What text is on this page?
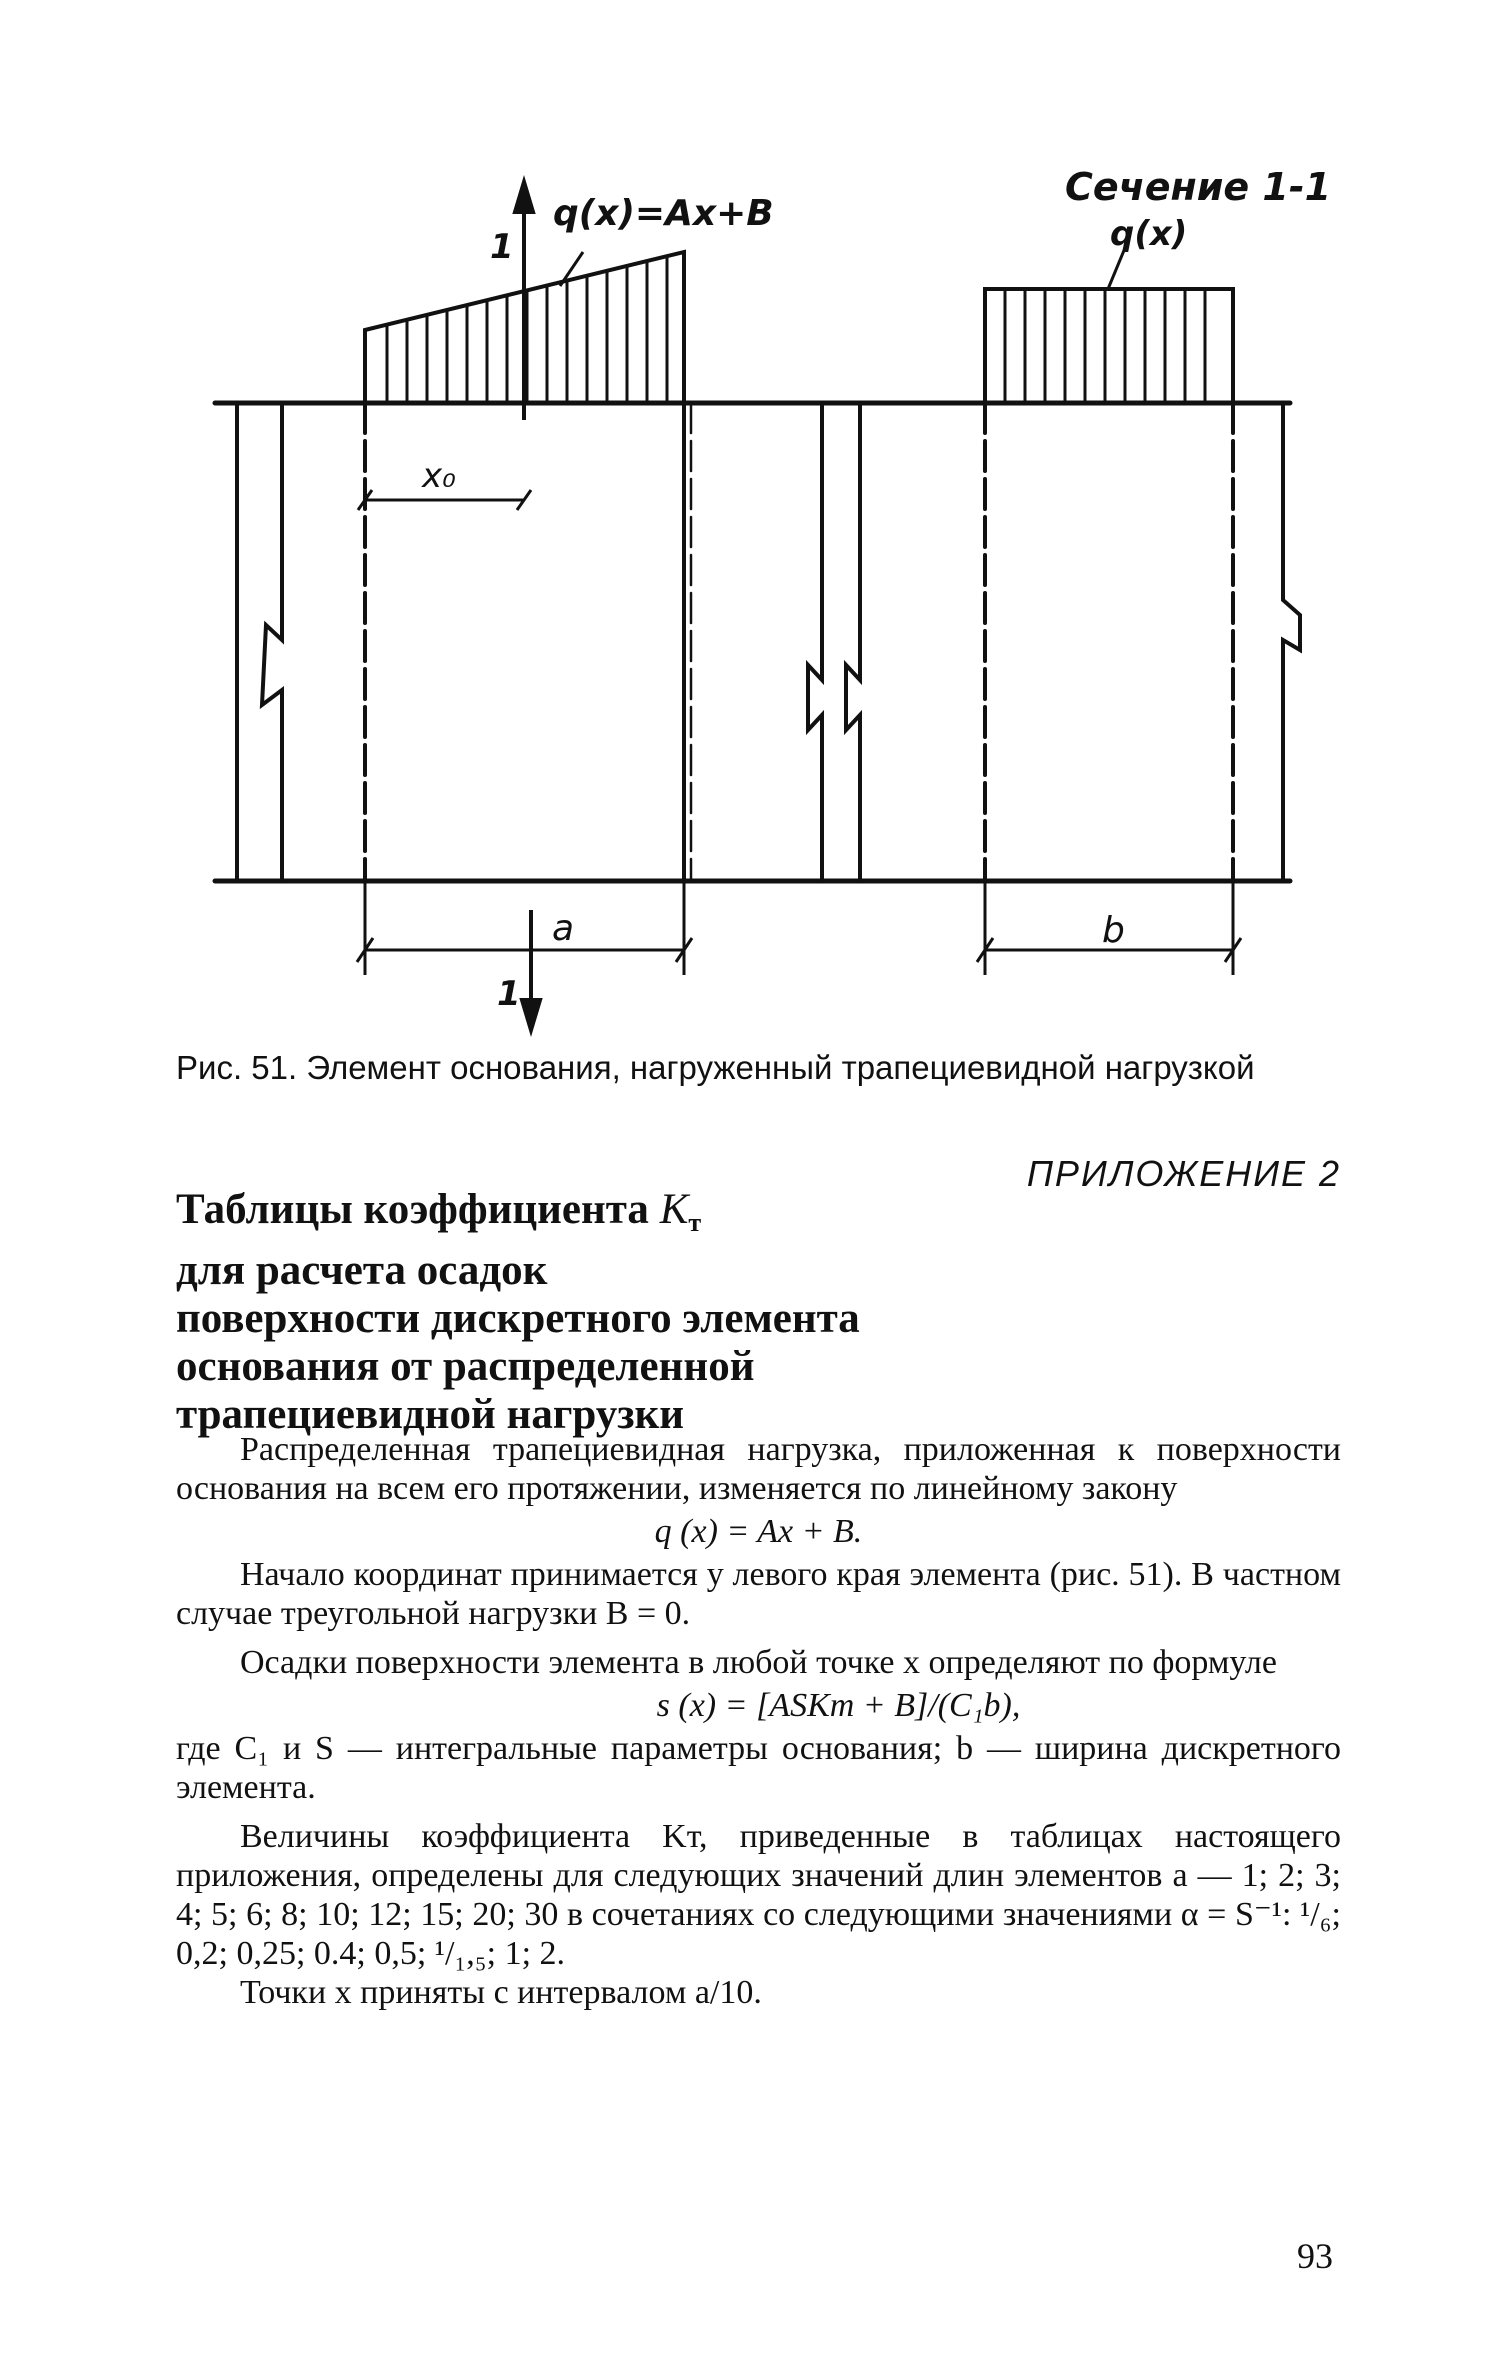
Сечение 1-1
q(x)
q(x)=Ax+B
1
1
x₀
a	b
Рис. 51. Элемент основания, нагруженный трапециевидной нагрузкой
ПРИЛОЖЕНИЕ 2
Таблицы коэффициента $K_т$
для расчета осадок
поверхности дискретного элемента
основания от распределенной
трапециевидной нагрузки

Распределенная трапециевидная нагрузка, приложенная к поверхности основания на всем его протяжении, изменяется по линейному закону

q (x) = Ax + B.

Начало координат принимается у левого края элемента (рис. 51). В частном случае треугольной нагрузки B = 0.

Осадки поверхности элемента в любой точке x определяют по формуле

s (x) = [ASKт + B]/(C₁b),

где C₁ и S — интегральные параметры основания; b — ширина дискретного элемента.

Величины коэффициента Kт, приведенные в таблицах настоящего приложения, определены для следующих значений длин элементов a — 1; 2; 3; 4; 5; 6; 8; 10; 12; 15; 20; 30 в сочетаниях со следующими значениями α = S⁻¹: ¹/₆; 0,2; 0,25; 0.4; 0,5; ¹/₁,₅; 1; 2.

Точки x приняты с интервалом a/10.

93
